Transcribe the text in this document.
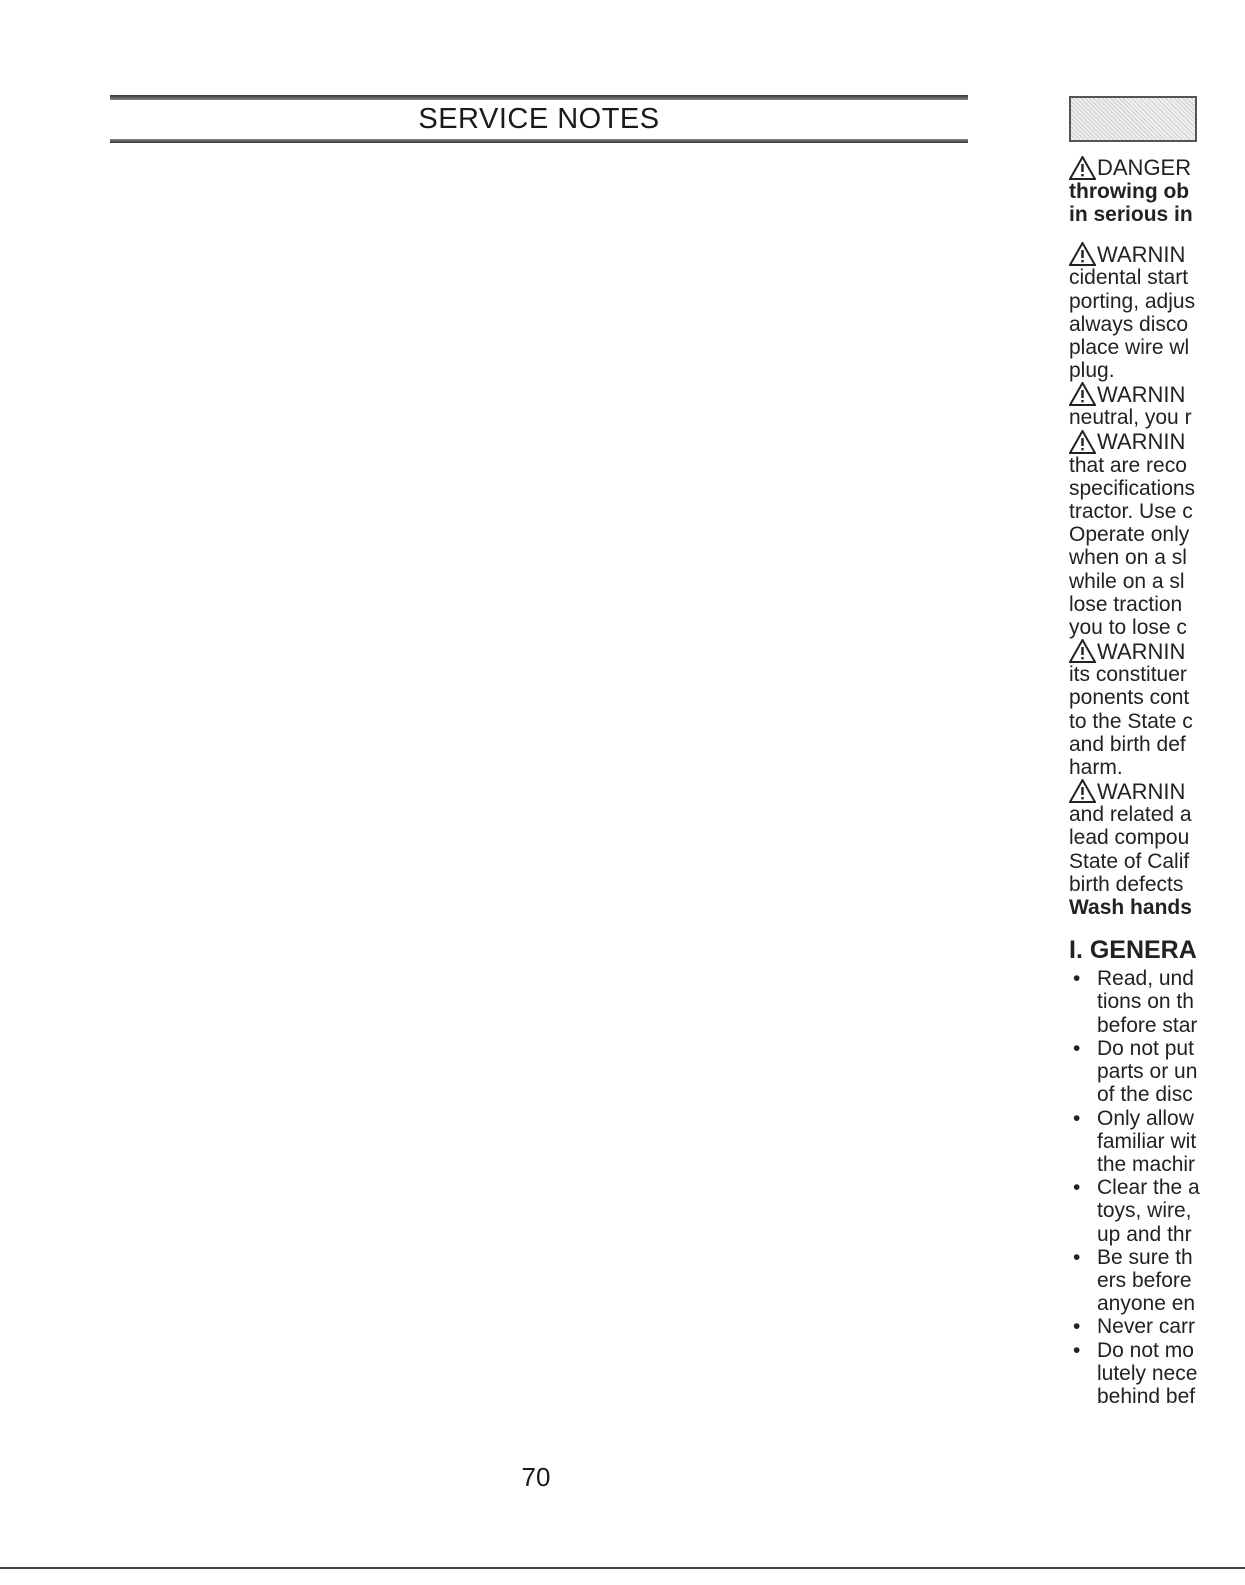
SERVICE NOTES
70
DANGER
throwing ob
in serious in
WARNIN
cidental start
porting, adjus
always disco
place wire wl
plug.
WARNIN
neutral, you r
WARNIN
that are reco
specifications
tractor. Use c
Operate only
when on a sl
while on a sl
lose traction
you to lose c
WARNIN
its constituer
ponents cont
to the State c
and birth def
harm.
WARNIN
and related a
lead compou
State of Calif
birth defects
Wash hands
I. GENERA
• Read, und
tions on th
before star
• Do not put
parts or un
of the disc
• Only allow
familiar wit
the machir
• Clear the a
toys, wire,
up and thr
• Be sure th
ers before
anyone en
• Never carr
• Do not mo
lutely nece
behind bef
